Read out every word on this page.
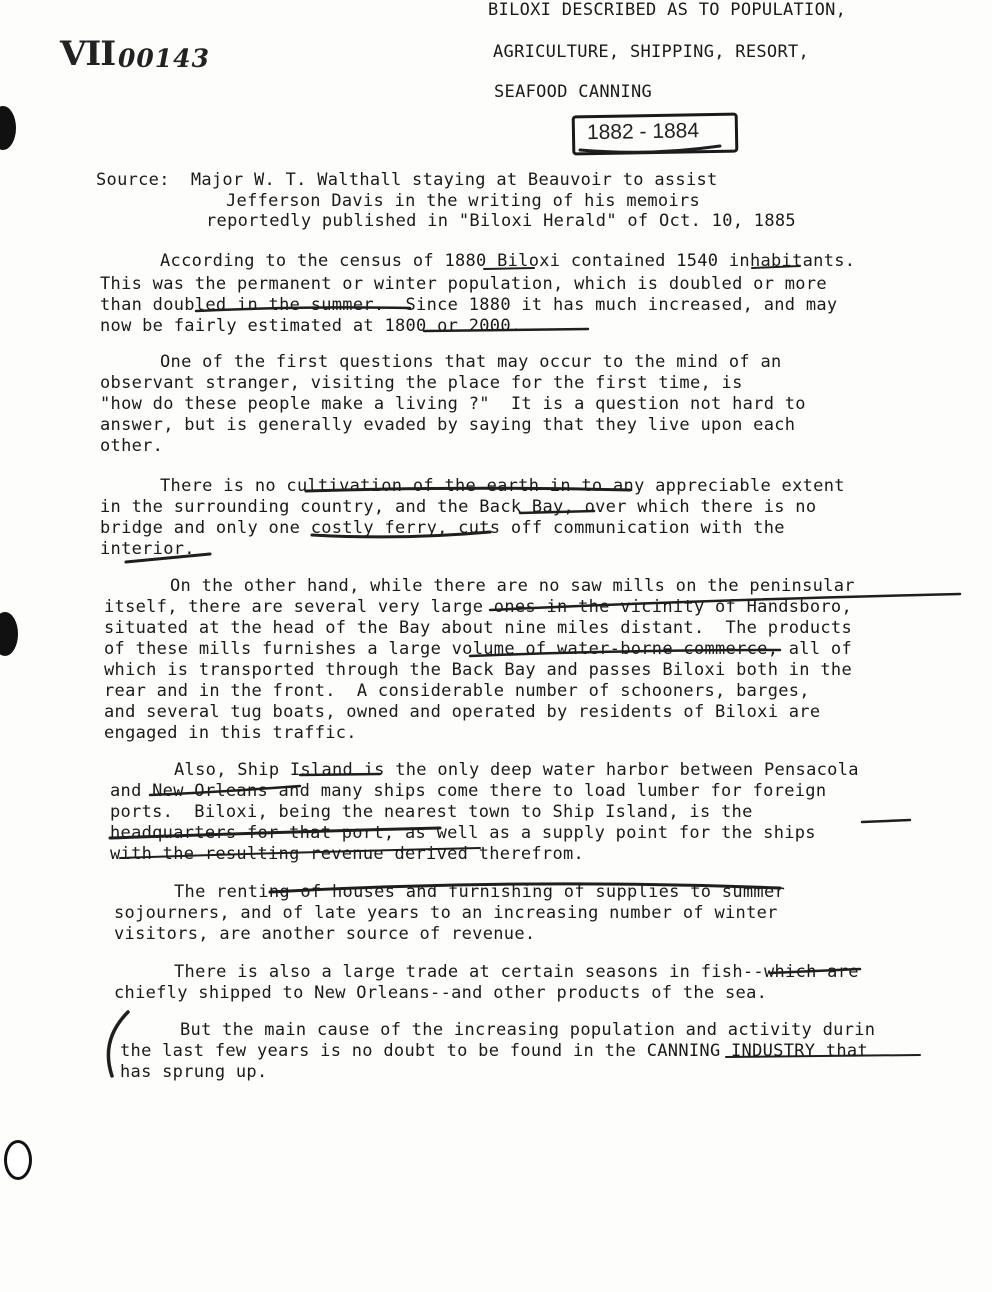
VII 00143
BILOXI DESCRIBED AS TO POPULATION,
AGRICULTURE, SHIPPING, RESORT,
SEAFOOD CANNING
1882 - 1884
Source:  Major W. T. Walthall staying at Beauvoir to assist
Jefferson Davis in the writing of his memoirs
reportedly published in "Biloxi Herald" of Oct. 10, 1885
According to the census of 1880 Biloxi contained 1540 inhabitants.
This was the permanent or winter population, which is doubled or more
than doubled in the summer.  Since 1880 it has much increased, and may
now be fairly estimated at 1800 or 2000.
One of the first questions that may occur to the mind of an
observant stranger, visiting the place for the first time, is
"how do these people make a living ?"  It is a question not hard to
answer, but is generally evaded by saying that they live upon each
other.
There is no cultivation of the earth in to any appreciable extent
in the surrounding country, and the Back Bay, over which there is no
bridge and only one costly ferry, cuts off communication with the
interior.
On the other hand, while there are no saw mills on the peninsular
itself, there are several very large ones in the vicinity of Handsboro,
situated at the head of the Bay about nine miles distant.  The products
of these mills furnishes a large volume of water-borne commerce, all of
which is transported through the Back Bay and passes Biloxi both in the
rear and in the front.  A considerable number of schooners, barges,
and several tug boats, owned and operated by residents of Biloxi are
engaged in this traffic.
Also, Ship Island is the only deep water harbor between Pensacola
and New Orleans and many ships come there to load lumber for foreign
ports.  Biloxi, being the nearest town to Ship Island, is the
headquarters for that port, as well as a supply point for the ships
with the resulting revenue derived therefrom.
The renting of houses and furnishing of supplies to summer
sojourners, and of late years to an increasing number of winter
visitors, are another source of revenue.
There is also a large trade at certain seasons in fish--which are
chiefly shipped to New Orleans--and other products of the sea.
But the main cause of the increasing population and activity durin
the last few years is no doubt to be found in the CANNING INDUSTRY that
has sprung up.
